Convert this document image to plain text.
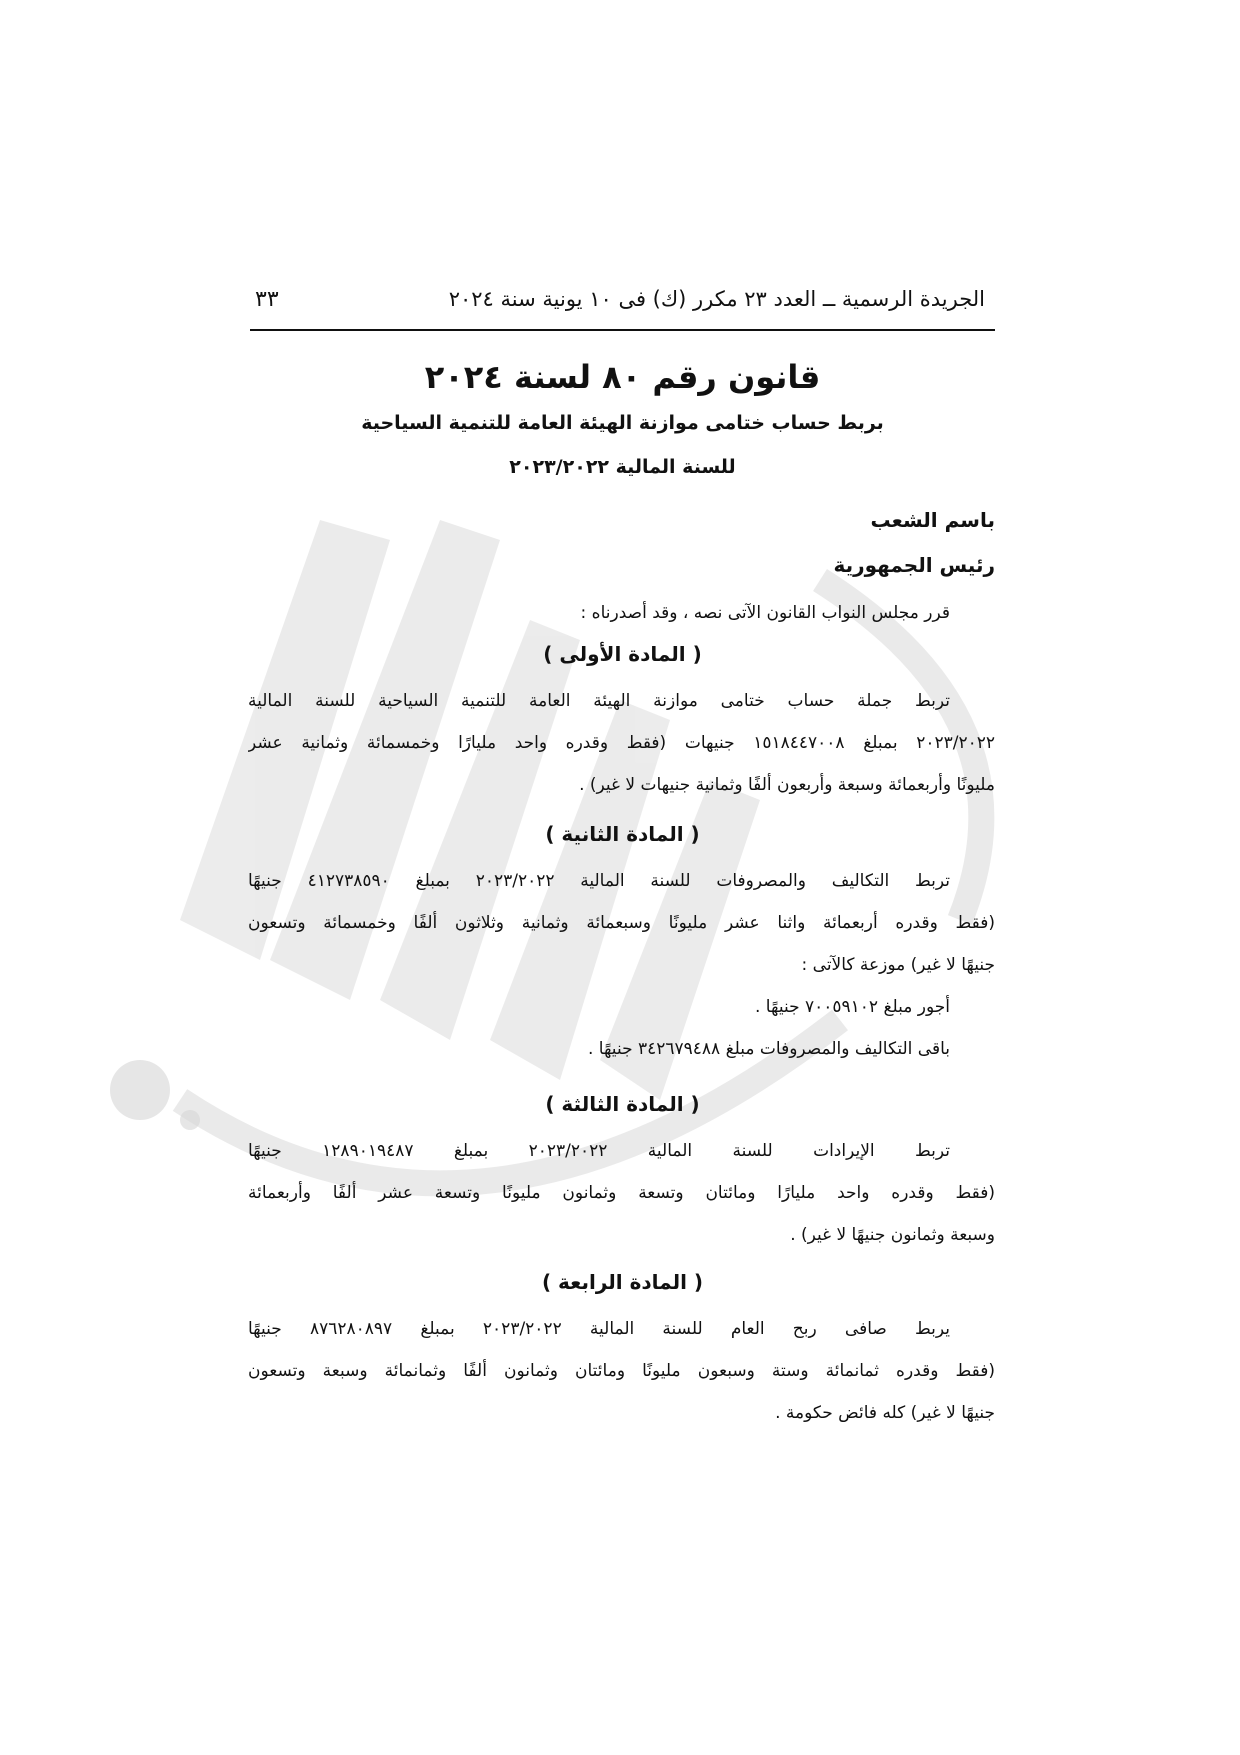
الجريدة الرسمية ــ العدد ٢٣ مكرر (ك) فى ١٠ يونية سنة ٢٠٢٤
٣٣
قانون رقم ٨٠ لسنة ٢٠٢٤
بربط حساب ختامى موازنة الهيئة العامة للتنمية السياحية
للسنة المالية ٢٠٢٣/٢٠٢٢
باسم الشعب
رئيس الجمهورية
قرر مجلس النواب القانون الآتى نصه ، وقد أصدرناه :
( المادة الأولى )
تربط جملة حساب ختامى موازنة الهيئة العامة للتنمية السياحية للسنة المالية
٢٠٢٣/٢٠٢٢ بمبلغ ١٥١٨٤٤٧٠٠٨ جنيهات (فقط وقدره واحد مليارًا وخمسمائة وثمانية عشر
مليونًا وأربعمائة وسبعة وأربعون ألفًا وثمانية جنيهات لا غير) .
( المادة الثانية )
تربط التكاليف والمصروفات للسنة المالية ٢٠٢٣/٢٠٢٢ بمبلغ ٤١٢٧٣٨٥٩٠ جنيهًا
(فقط وقدره أربعمائة واثنا عشر مليونًا وسبعمائة وثمانية وثلاثون ألفًا وخمسمائة وتسعون
جنيهًا لا غير) موزعة كالآتى :
أجور مبلغ ٧٠٠٥٩١٠٢ جنيهًا .
باقى التكاليف والمصروفات مبلغ ٣٤٢٦٧٩٤٨٨ جنيهًا .
( المادة الثالثة )
تربط الإيرادات للسنة المالية ٢٠٢٣/٢٠٢٢ بمبلغ ١٢٨٩٠١٩٤٨٧ جنيهًا
(فقط وقدره واحد مليارًا ومائتان وتسعة وثمانون مليونًا وتسعة عشر ألفًا وأربعمائة
وسبعة وثمانون جنيهًا لا غير) .
( المادة الرابعة )
يربط صافى ربح العام للسنة المالية ٢٠٢٣/٢٠٢٢ بمبلغ ٨٧٦٢٨٠٨٩٧ جنيهًا
(فقط وقدره ثمانمائة وستة وسبعون مليونًا ومائتان وثمانون ألفًا وثمانمائة وسبعة وتسعون
جنيهًا لا غير) كله فائض حكومة .
